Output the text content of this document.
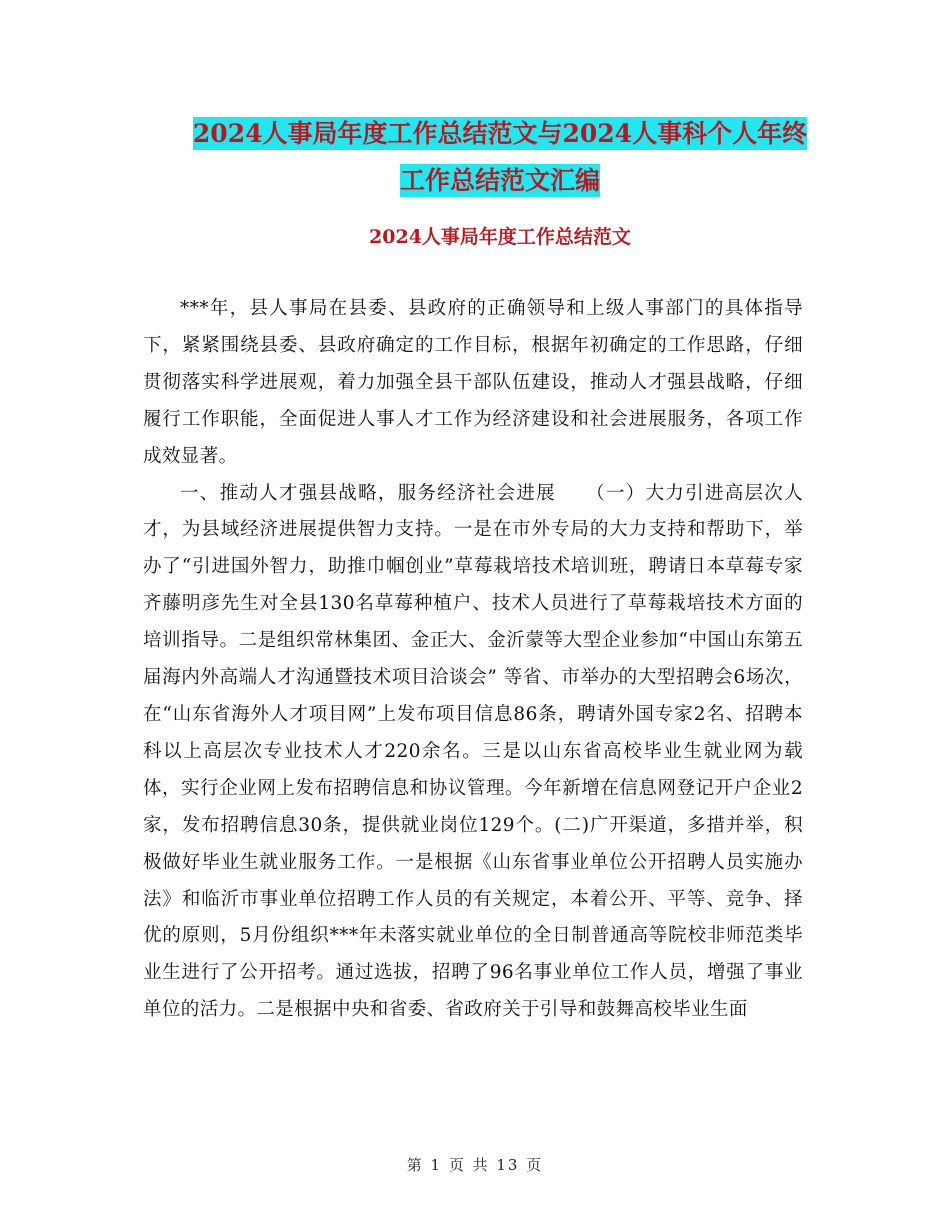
2024人事局年度工作总结范文与2024人事科个人年终
工作总结范文汇编
2024人事局年度工作总结范文

***年，县人事局在县委、县政府的正确领导和上级人事部门的具体指导下，紧紧围绕县委、县政府确定的工作目标，根据年初确定的工作思路，仔细贯彻落实科学进展观，着力加强全县干部队伍建设，推动人才强县战略，仔细履行工作职能，全面促进人事人才工作为经济建设和社会进展服务，各项工作成效显著。

一、推动人才强县战略，服务经济社会进展　　（一）大力引进高层次人才，为县域经济进展提供智力支持。一是在市外专局的大力支持和帮助下，举办了“引进国外智力，助推巾帼创业”草莓栽培技术培训班，聘请日本草莓专家齐藤明彦先生对全县130名草莓种植户、技术人员进行了草莓栽培技术方面的培训指导。二是组织常林集团、金正大、金沂蒙等大型企业参加“中国山东第五届海内外高端人才沟通暨技术项目洽谈会” 等省、市举办的大型招聘会6场次，在“山东省海外人才项目网”上发布项目信息86条，聘请外国专家2名、招聘本科以上高层次专业技术人才220余名。三是以山东省高校毕业生就业网为载体，实行企业网上发布招聘信息和协议管理。今年新增在信息网登记开户企业2家，发布招聘信息30条，提供就业岗位129个。(二)广开渠道，多措并举，积极做好毕业生就业服务工作。一是根据《山东省事业单位公开招聘人员实施办法》和临沂市事业单位招聘工作人员的有关规定，本着公开、平等、竞争、择优的原则，5月份组织***年未落实就业单位的全日制普通高等院校非师范类毕业生进行了公开招考。通过选拔，招聘了96名事业单位工作人员，增强了事业单位的活力。二是根据中央和省委、省政府关于引导和鼓舞高校毕业生面

第 1 页 共 13 页
